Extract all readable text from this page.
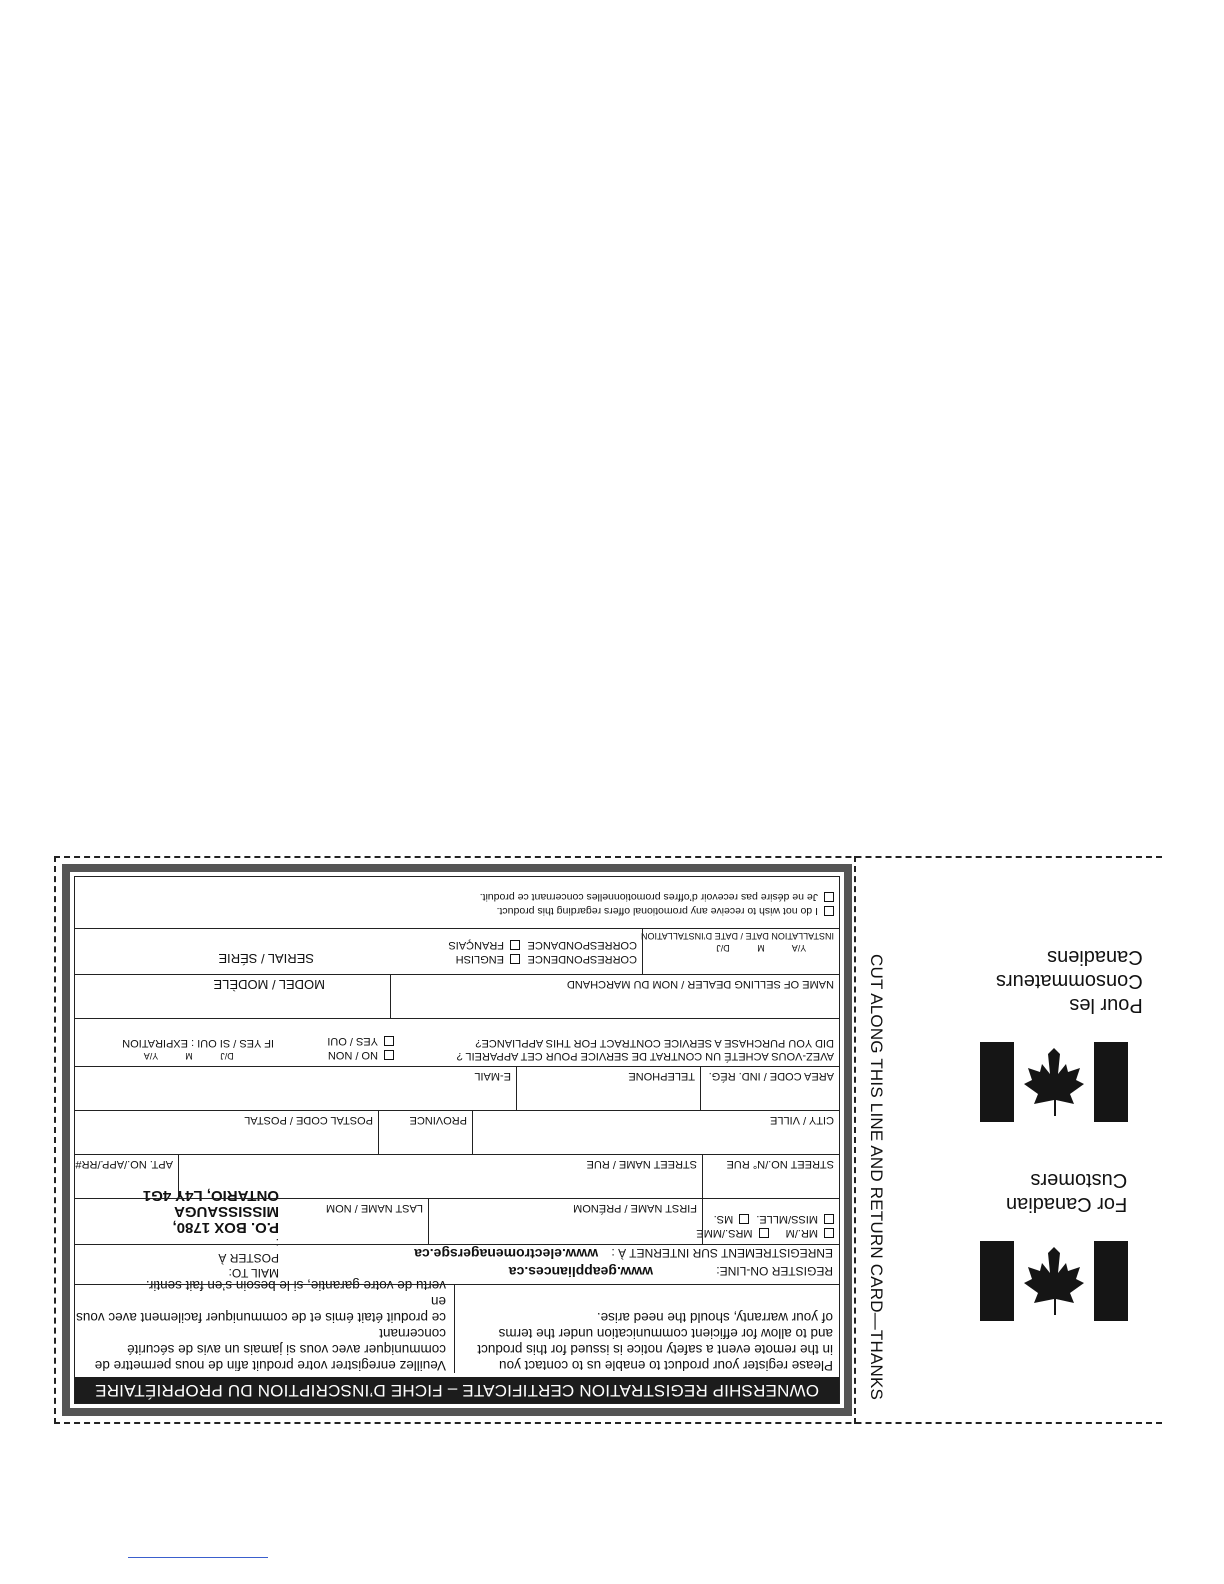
OWNERSHIP REGISTRATION CERTIFICATE – FICHE D’INSCRIPTION DU PROPRIÉTAIRE

Please register your product to enable us to contact you

in the remote event a safety notice is issued for this product

and to allow for efficient communication under the terms

of your warranty, should the need arise.

Veuillez enregistrer votre produit afin de nous permettre de

communiquer avec vous si jamais un avis de sécurité concernant

ce produit était émis et de communiquer facilement avec vous en

vertu de votre garantie, si le besoin s’en fait sentir.

REGISTER ON-LINE: www.geappliances.ca
ENREGISTREMENT SUR INTERNET À : www.electromenagersge.ca
MAIL TO:
POSTER À : P.O. BOX 1780, MISSISSAUGA
ONTARIO, L4Y 4G1
MR./M MRS./MME
MISS/MLLE. MS.
FIRST NAME / PRÉNOM
LAST NAME / NOM
STREET NO./N° RUE
STREET NAME / RUE
APT. NO./APP./RR#
CITY / VILLE
PROVINCE
POSTAL CODE / POSTAL
AREA CODE / IND. RÉG.
TELEPHONE
E-MAIL
AVEZ-VOUS ACHETÉ UN CONTRAT DE SERVICE POUR CET APPAREIL ?
DID YOU PURCHASE A SERVICE CONTRACT FOR THIS APPLIANCE?
NO / NON
YES / OUI
D/JMY/A
IF YES / SI OUI : EXPIRATION
NAME OF SELLING DEALER / NOM DU MARCHAND
MODEL / MODÈLE
Y/AMD/J
INSTALLATION DATE / DATE D’INSTALLATION
CORRESPONDENCE
CORRESPONDANCE
ENGLISH
FRANÇAIS
SERIAL / SÉRIE
I do not wish to receive any promotional offers regarding this product.
Je ne désire pas recevoir d’offres promotionnelles concernant ce produit.
CUT ALONG THIS LINE AND RETURN CARD—THANKS	For Canadian
Customers
Pour les
Consommateurs
Canadiens
